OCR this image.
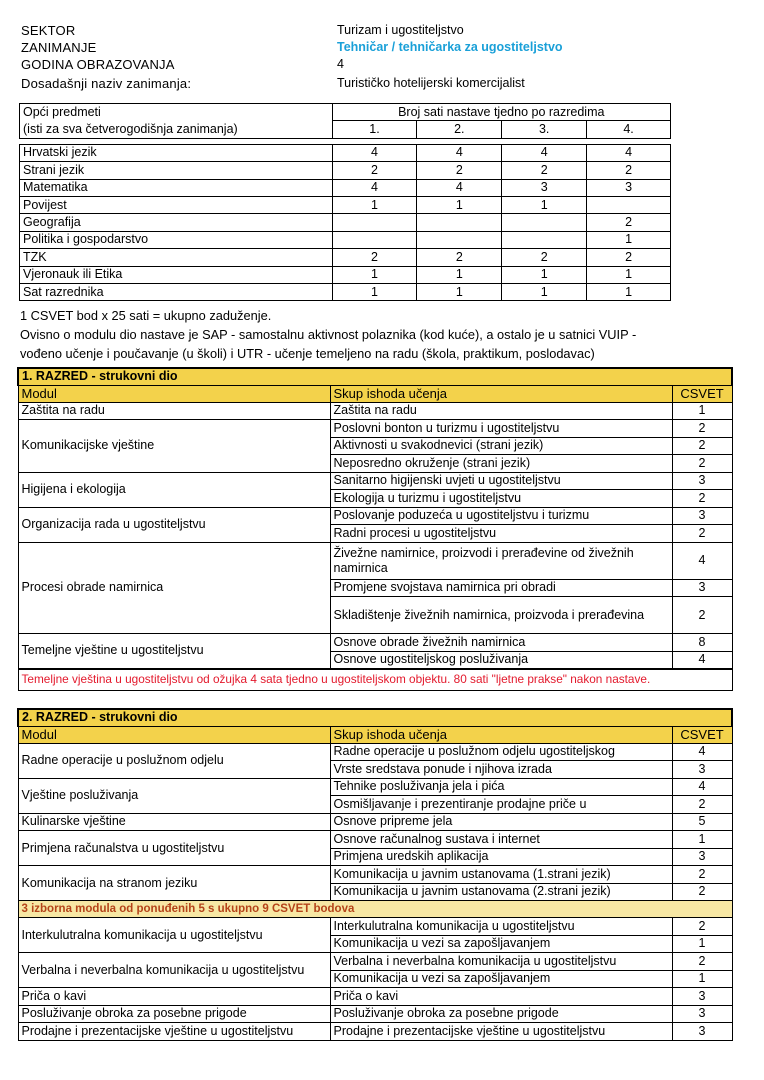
SEKTOR	Turizam i ugostiteljstvo
ZANIMANJE	Tehničar / tehničarka za ugostiteljstvo
GODINA OBRAZOVANJA	4
Dosadašnji naziv zanimanja:	Turističko hotelijerski komercijalist
Opći predmeti	Broj sati nastave tjedno po razredima			
(isti za sva četverogodišnja zanimanja)	1.	2.	3.	4.

Hrvatski jezik	4	4	4	4
Strani jezik	2	2	2	2
Matematika	4	4	3	3
Povijest	1	1	1	
Geografija				2
Politika i gospodarstvo				1
TZK	2	2	2	2
Vjeronauk ili Etika	1	1	1	1
Sat razrednika	1	1	1	1
1 CSVET bod x 25 sati = ukupno zaduženje.
Ovisno o modulu dio nastave je SAP - samostalnu aktivnost polaznika (kod kuće), a ostalo je u satnici VUIP -
vođeno učenje i poučavanje (u školi) i UTR - učenje temeljeno na radu (škola, praktikum, poslodavac)
1. RAZRED - strukovni dio		
Modul	Skup ishoda učenja	CSVET
Zaštita na radu	Zaštita na radu	1
Komunikacijske vještine	Poslovni bonton u turizmu i ugostiteljstvu	2
	Aktivnosti u svakodnevici (strani jezik)	2
	Neposredno okruženje (strani jezik)	2
Higijena i ekologija	Sanitarno higijenski uvjeti u ugostiteljstvu	3
	Ekologija u turizmu i ugostiteljstvu	2
Organizacija rada u ugostiteljstvu	Poslovanje poduzeća u ugostiteljstvu i turizmu	3
	Radni procesi u ugostiteljstvu	2
Procesi obrade namirnica	Živežne namirnice, proizvodi i prerađevine od živežnih namirnica	4
	Promjene svojstava namirnica pri obradi	3
	Skladištenje živežnih namirnica, proizvoda i prerađevina	2
Temeljne vještine u ugostiteljstvu	Osnove obrade živežnih namirnica	8
	Osnove ugostiteljskog posluživanja	4
Temeljne vještina u ugostiteljstvu od ožujka 4 sata tjedno u ugostiteljskom objektu. 80 sati "ljetne prakse" nakon nastave.		
2. RAZRED - strukovni dio		
Modul	Skup ishoda učenja	CSVET
Radne operacije u poslužnom odjelu	Radne operacije u poslužnom odjelu ugostiteljskog	4
	Vrste sredstava ponude i njihova izrada	3
Vještine posluživanja	Tehnike posluživanja jela i pića	4
	Osmišljavanje i prezentiranje prodajne priče u	2
Kulinarske vještine	Osnove pripreme jela	5
Primjena računalstva u ugostiteljstvu	Osnove računalnog sustava i internet	1
	Primjena uredskih aplikacija	3
Komunikacija na stranom jeziku	Komunikacija u javnim ustanovama (1.strani jezik)	2
	Komunikacija u javnim ustanovama (2.strani jezik)	2
3 izborna modula od ponuđenih 5 s ukupno 9 CSVET bodova		
Interkulutralna komunikacija u ugostiteljstvu	Interkulutralna komunikacija u ugostiteljstvu	2
	Komunikacija u vezi sa zapošljavanjem	1
Verbalna i neverbalna komunikacija u ugostiteljstvu	Verbalna i neverbalna komunikacija u ugostiteljstvu	2
	Komunikacija u vezi sa zapošljavanjem	1
Priča o kavi	Priča o kavi	3
Posluživanje obroka za posebne prigode	Posluživanje obroka za posebne prigode	3
Prodajne i prezentacijske vještine u ugostiteljstvu	Prodajne i prezentacijske vještine u ugostiteljstvu	3
